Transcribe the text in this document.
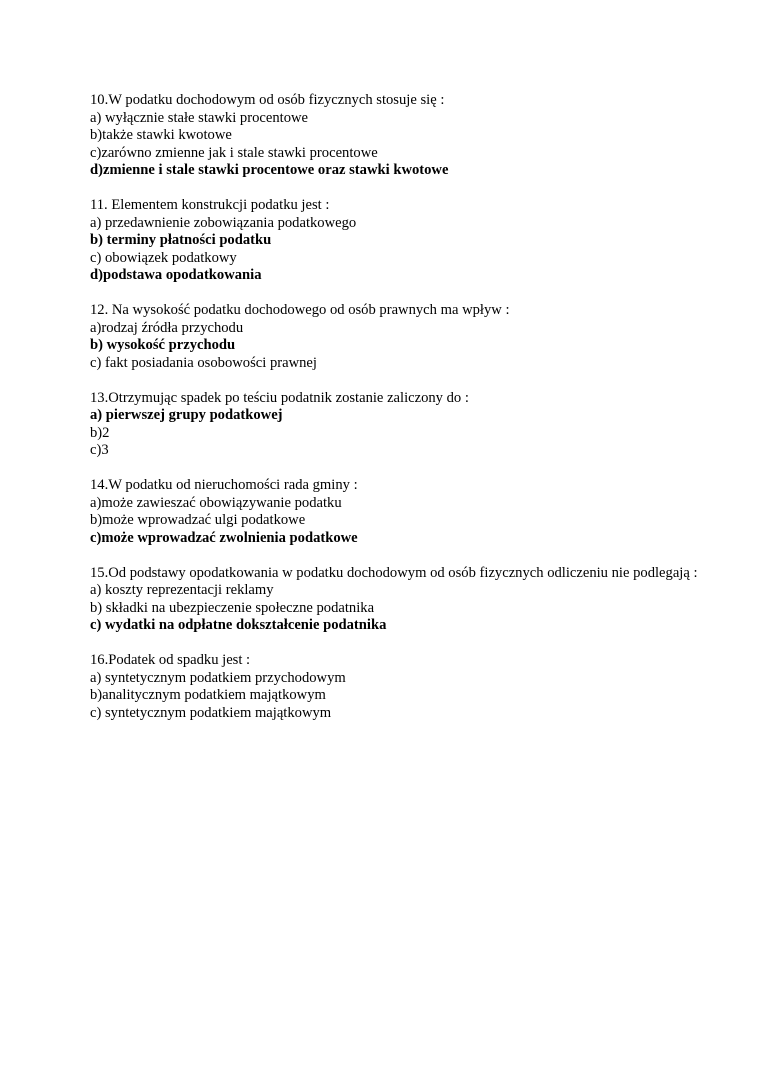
10.W podatku dochodowym od osób fizycznych stosuje się :
a) wyłącznie stałe stawki procentowe
b)także stawki kwotowe
c)zarówno zmienne jak i stale stawki procentowe
d)zmienne i stale stawki procentowe oraz stawki kwotowe
11. Elementem konstrukcji podatku jest :
a) przedawnienie zobowiązania podatkowego
b) terminy płatności podatku
c) obowiązek podatkowy
d)podstawa opodatkowania
12. Na wysokość podatku dochodowego od osób prawnych ma wpływ :
a)rodzaj źródła przychodu
b) wysokość przychodu
c) fakt posiadania osobowości prawnej
13.Otrzymując spadek po teściu podatnik zostanie zaliczony do :
a) pierwszej grupy podatkowej
b)2
c)3
14.W podatku od nieruchomości rada gminy :
a)może zawieszać obowiązywanie podatku
b)może wprowadzać ulgi podatkowe
c)może wprowadzać zwolnienia podatkowe
15.Od podstawy opodatkowania w podatku dochodowym od osób fizycznych odliczeniu nie podlegają :
a) koszty reprezentacji reklamy
b) składki na ubezpieczenie społeczne podatnika
c) wydatki na odpłatne dokształcenie podatnika
16.Podatek od spadku jest :
a) syntetycznym podatkiem przychodowym
b)analitycznym podatkiem majątkowym
c) syntetycznym podatkiem majątkowym
